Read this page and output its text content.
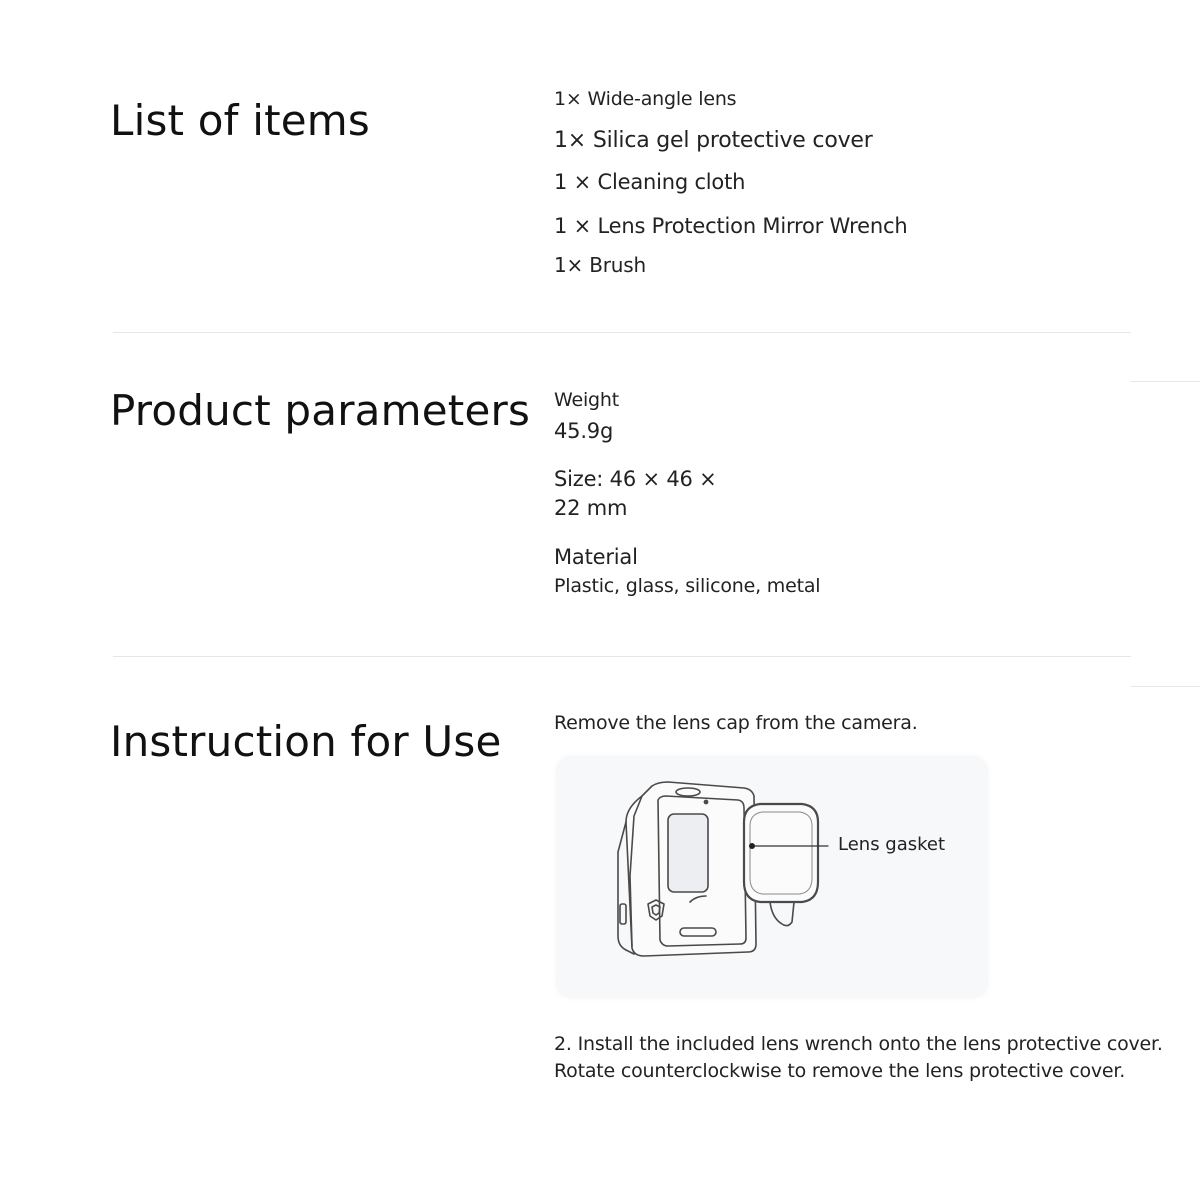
List of items	1× Wide-angle lens
1× Silica gel protective cover
1 × Cleaning cloth
1 × Lens Protection Mirror Wrench
1× Brush
Product parameters Weight
45.9g
Size: 46 × 46 ×
22 mm
Material
Plastic, glass, silicone, metal
Instruction for Use	Remove the lens cap from the camera.
Lens gasket
2. Install the included lens wrench onto the lens protective cover.
Rotate counterclockwise to remove the lens protective cover.
